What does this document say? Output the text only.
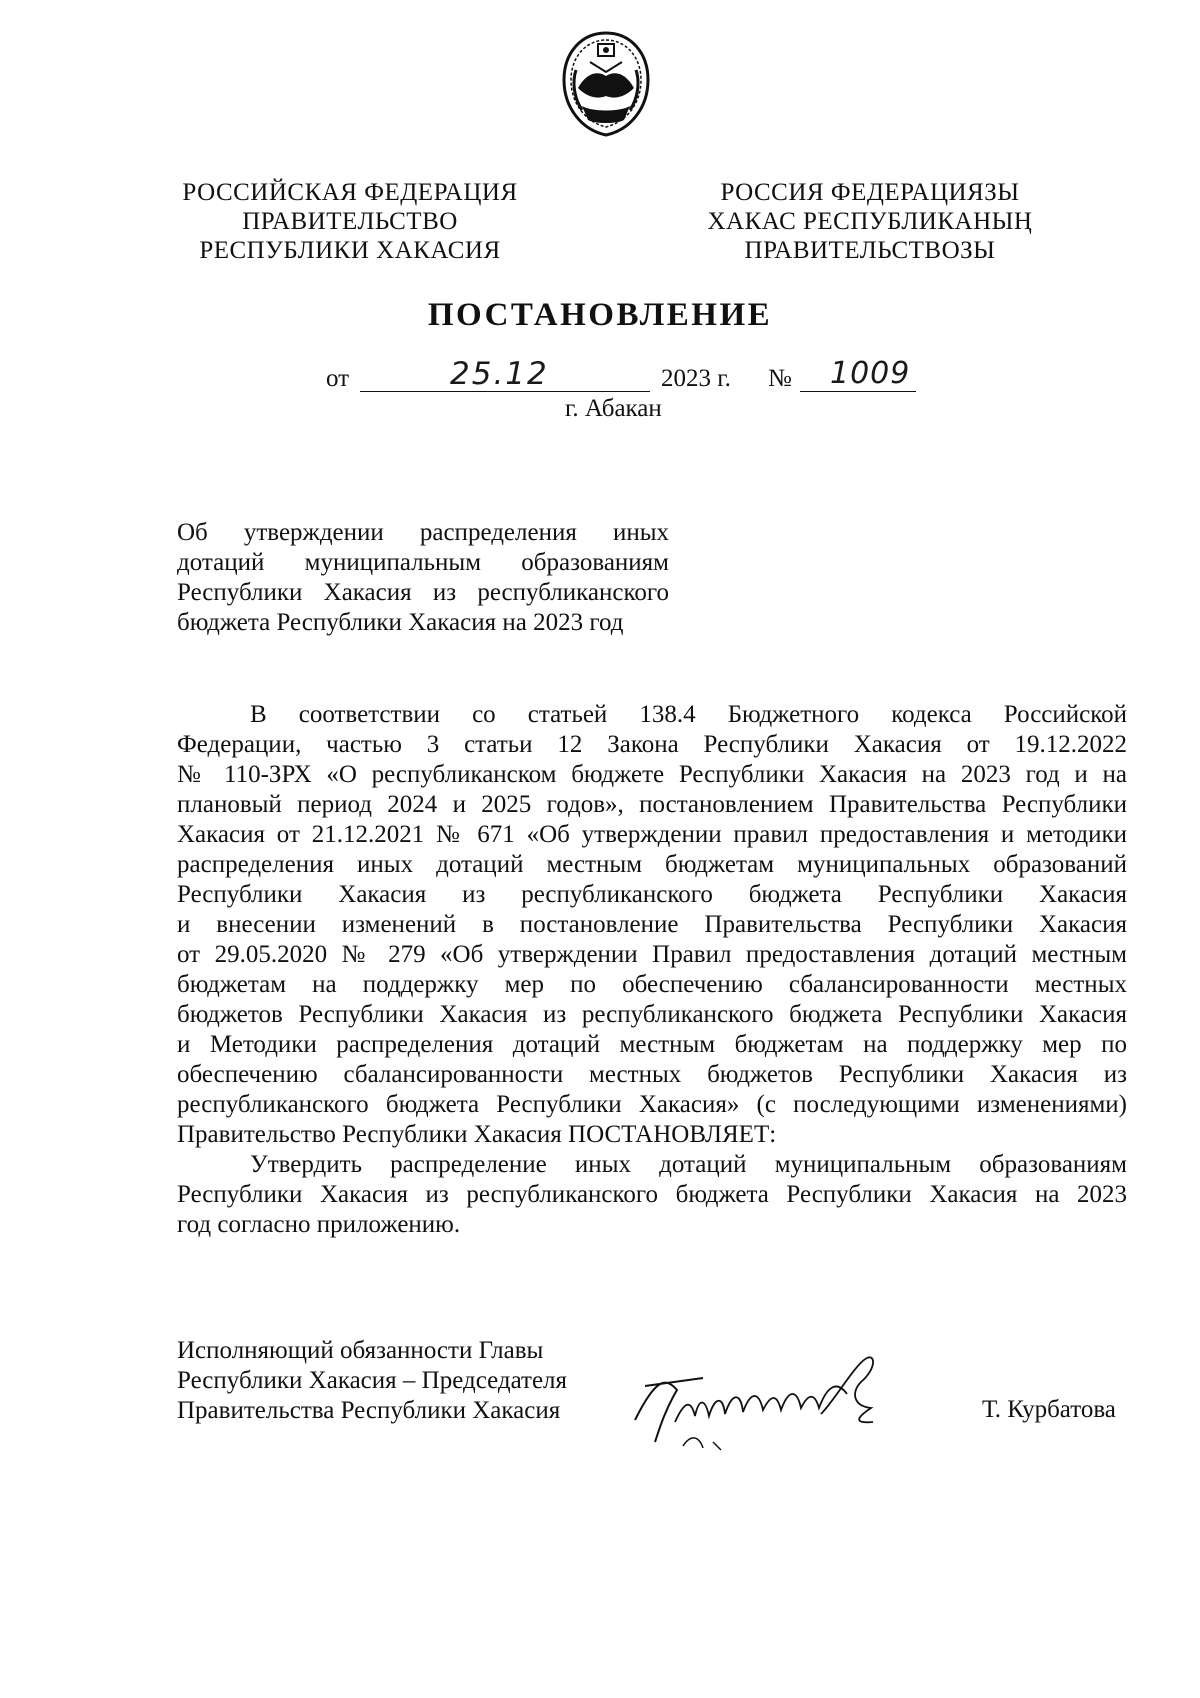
РОССИЙСКАЯ ФЕДЕРАЦИЯ
ПРАВИТЕЛЬСТВО
РЕСПУБЛИКИ ХАКАСИЯ
РОССИЯ ФЕДЕРАЦИЯЗЫ
ХАКАС РЕСПУБЛИКАНЫҢ
ПРАВИТЕЛЬСТВОЗЫ
ПОСТАНОВЛЕНИЕ
от	25.12	2023 г. № 1009
г. Абакан
Об утверждении распределения иных
дотаций муниципальным образованиям
Республики Хакасия из республиканского
бюджета Республики Хакасия на 2023 год
В соответствии со статьей 138.4 Бюджетного кодекса Российской
Федерации, частью 3 статьи 12 Закона Республики Хакасия от 19.12.2022
№ 110-ЗРХ «О республиканском бюджете Республики Хакасия на 2023 год и на
плановый период 2024 и 2025 годов», постановлением Правительства Республики
Хакасия от 21.12.2021 № 671 «Об утверждении правил предоставления и методики
распределения иных дотаций местным бюджетам муниципальных образований
Республики Хакасия из республиканского бюджета Республики Хакасия
и внесении изменений в постановление Правительства Республики Хакасия
от 29.05.2020 № 279 «Об утверждении Правил предоставления дотаций местным
бюджетам на поддержку мер по обеспечению сбалансированности местных
бюджетов Республики Хакасия из республиканского бюджета Республики Хакасия
и Методики распределения дотаций местным бюджетам на поддержку мер по
обеспечению сбалансированности местных бюджетов Республики Хакасия из
республиканского бюджета Республики Хакасия» (с последующими изменениями)
Правительство Республики Хакасия ПОСТАНОВЛЯЕТ:
Утвердить распределение иных дотаций муниципальным образованиям
Республики Хакасия из республиканского бюджета Республики Хакасия на 2023
год согласно приложению.
Исполняющий обязанности Главы
Республики Хакасия – Председателя
Правительства Республики Хакасия	Т. Курбатова
